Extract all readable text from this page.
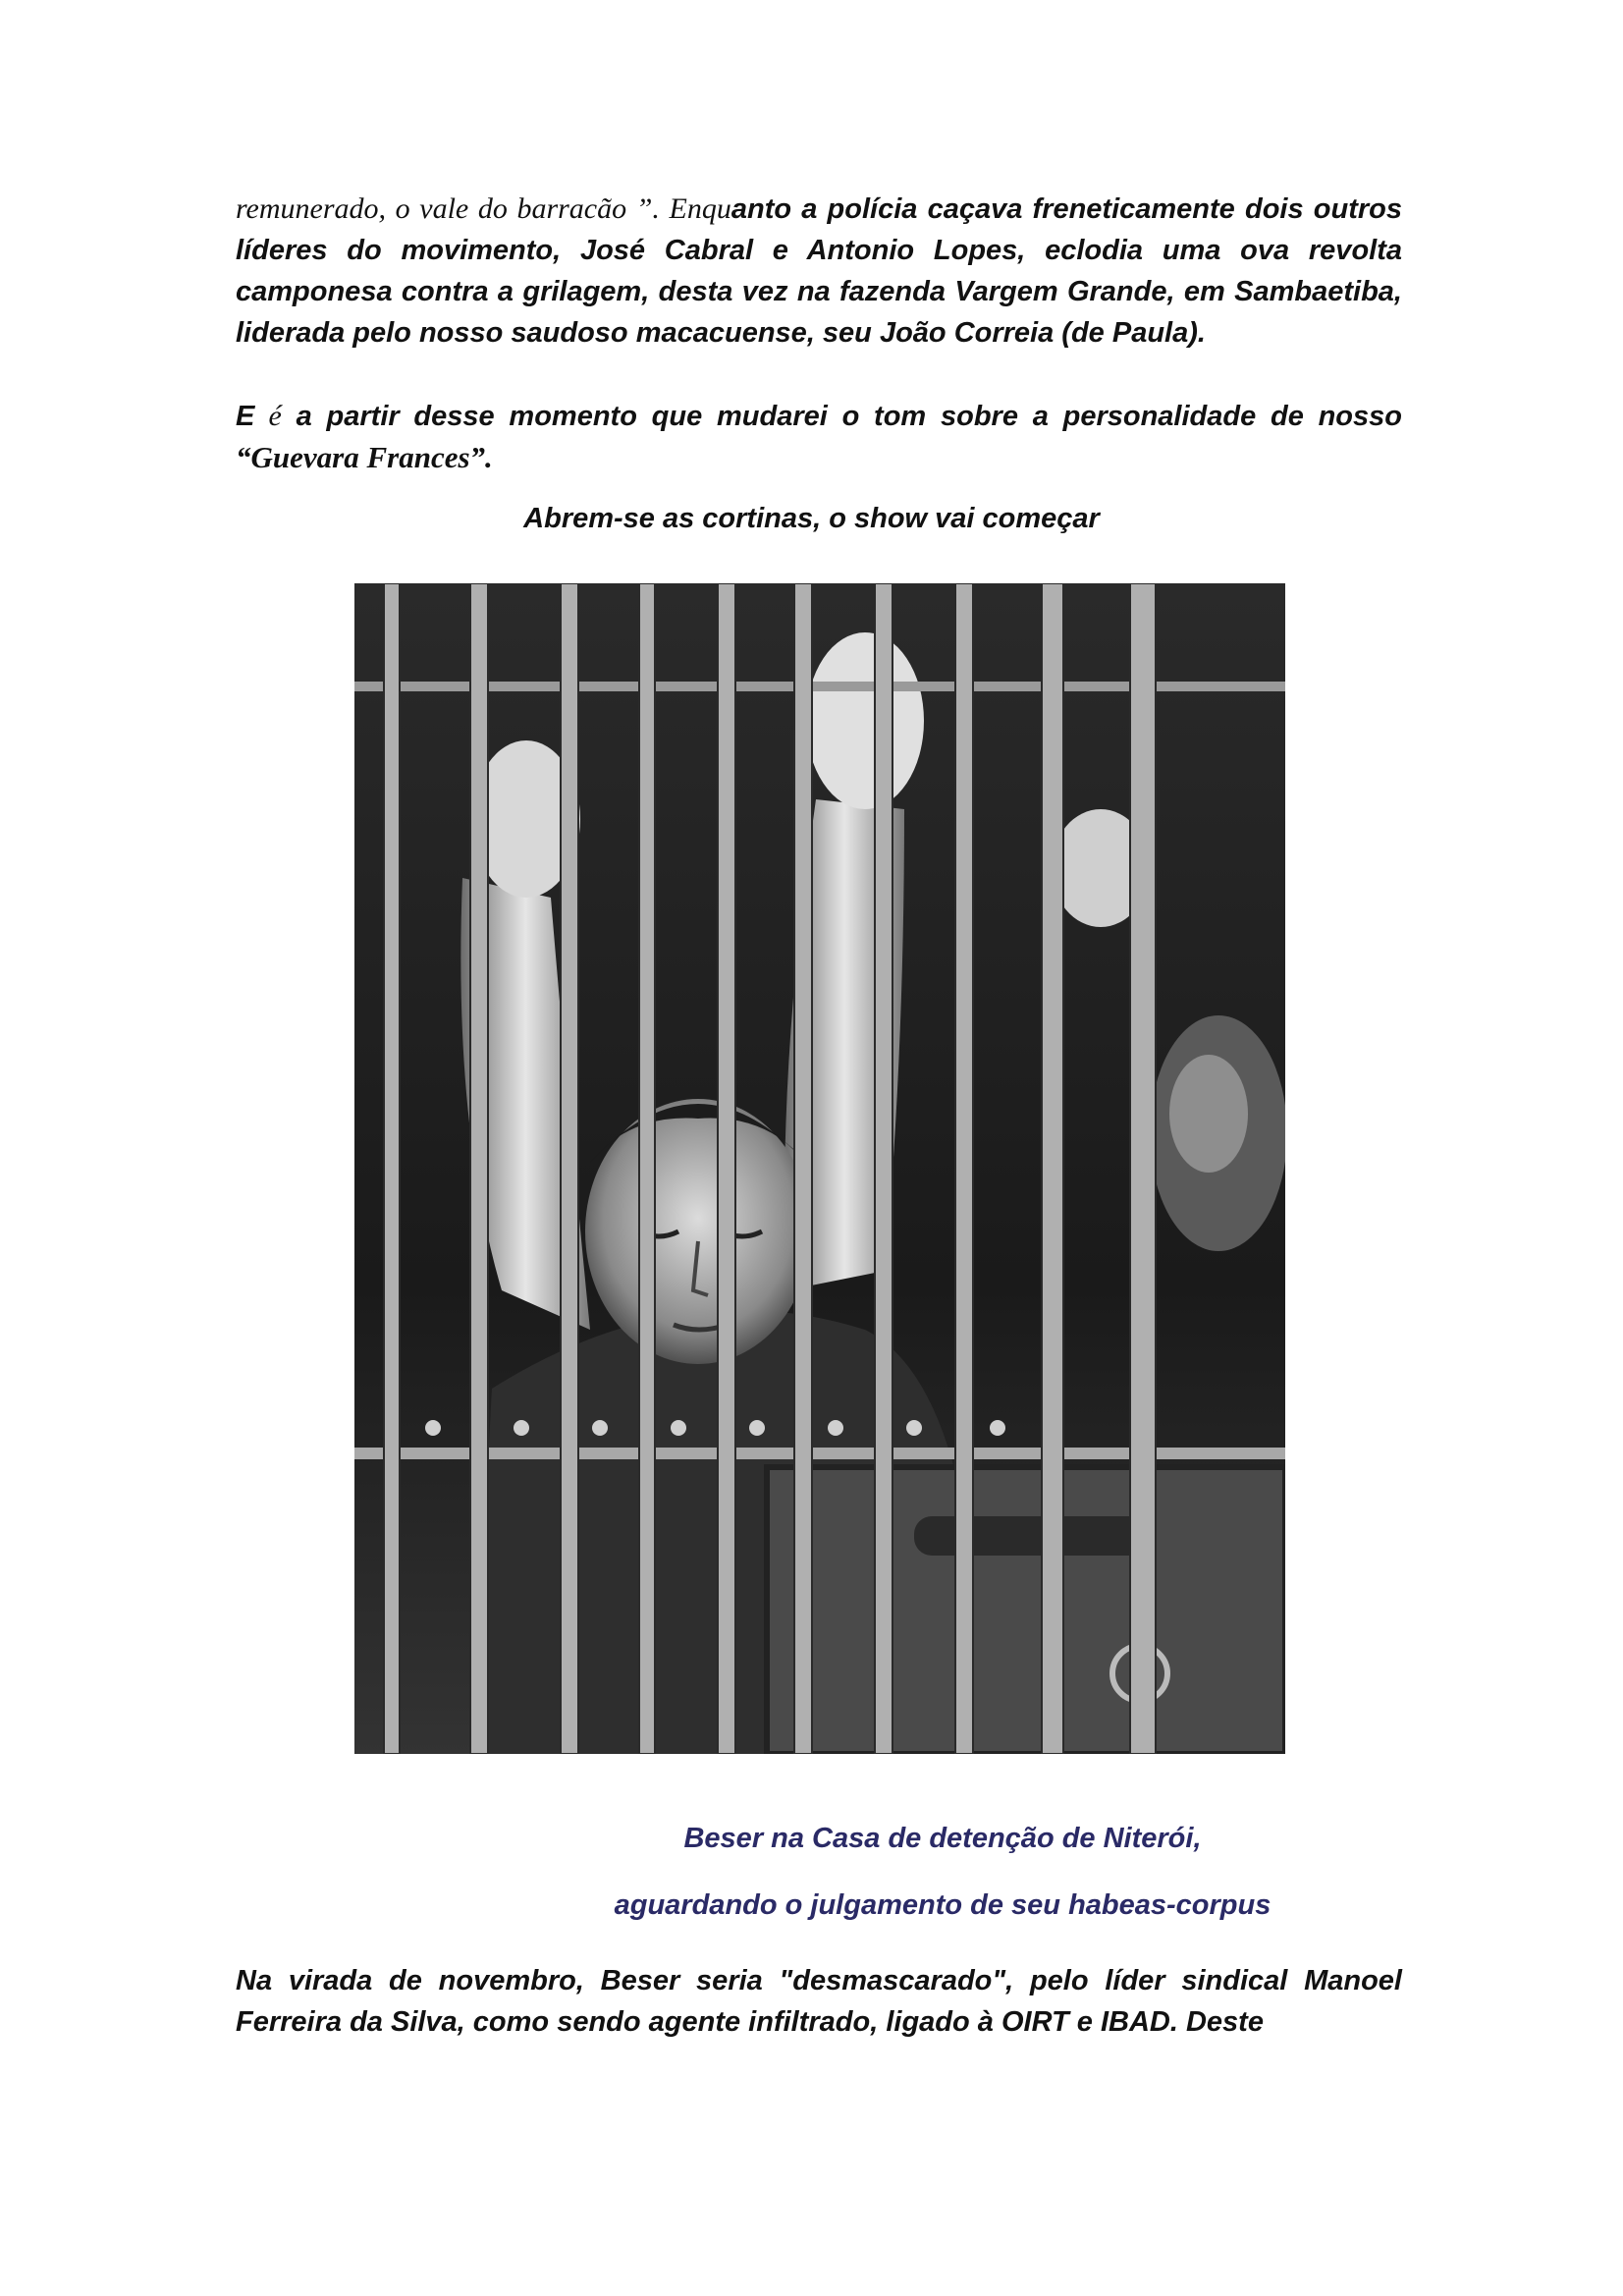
remunerado, o vale do barracão ”. Enquanto a polícia caçava freneticamente dois outros líderes do movimento, José Cabral e Antonio Lopes, eclodia uma ova revolta camponesa contra a grilagem, desta vez na fazenda Vargem Grande, em Sambaetiba, liderada pelo nosso saudoso macacuense, seu João Correia (de Paula).

E é a partir desse momento que mudarei o tom sobre a personalidade de nosso “Guevara Frances”.

Abrem-se as cortinas, o show vai começar

Beser na Casa de detenção de Niterói,

aguardando o julgamento de seu habeas-corpus

Na virada de novembro, Beser seria "desmascarado", pelo líder sindical Manoel Ferreira da Silva, como sendo agente infiltrado, ligado à OIRT e IBAD. Deste
